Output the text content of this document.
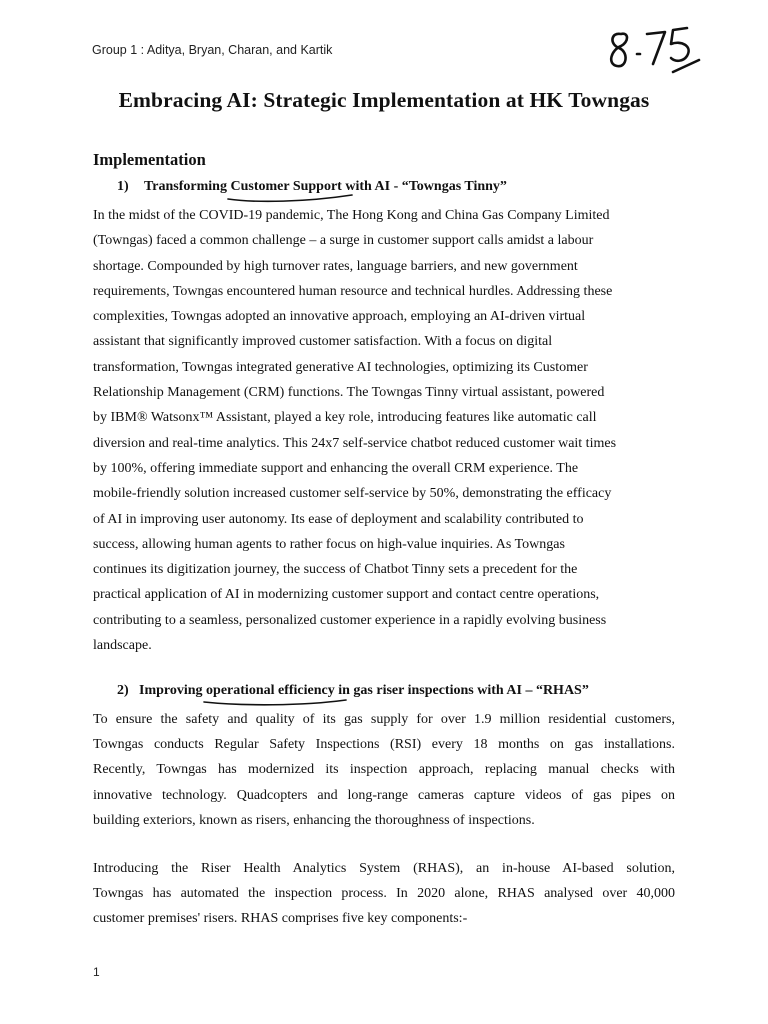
Group 1 : Aditya, Bryan, Charan, and Kartik
Embracing AI: Strategic Implementation at HK Towngas
Implementation
1) Transforming Customer Support
with AI - “Towngas Tinny”
In the midst of the COVID-19 pandemic, The Hong Kong and China Gas Company Limited
(Towngas) faced a common challenge – a surge in customer support calls amidst a labour
shortage. Compounded by high turnover rates, language barriers, and new government
requirements, Towngas encountered human resource and technical hurdles. Addressing these
complexities, Towngas adopted an innovative approach, employing an AI-driven virtual
assistant that significantly improved customer satisfaction. With a focus on digital
transformation, Towngas integrated generative AI technologies, optimizing its Customer
Relationship Management (CRM) functions. The Towngas Tinny virtual assistant, powered
by IBM® Watsonx™ Assistant, played a key role, introducing features like automatic call
diversion and real-time analytics. This 24x7 self-service chatbot reduced customer wait times
by 100%, offering immediate support and enhancing the overall CRM experience. The
mobile-friendly solution increased customer self-service by 50%, demonstrating the efficacy
of AI in improving user autonomy. Its ease of deployment and scalability contributed to
success, allowing human agents to rather focus on high-value inquiries. As Towngas
continues its digitization journey, the success of Chatbot Tinny sets a precedent for the
practical application of AI in modernizing customer support and contact centre operations,
contributing to a seamless, personalized customer experience in a rapidly evolving business
landscape.
2) Improving operational efficiency
in gas riser inspections with AI – “RHAS”
To ensure the safety and quality of its gas supply for over 1.9 million residential customers,
Towngas conducts Regular Safety Inspections (RSI) every 18 months on gas installations.
Recently, Towngas has modernized its inspection approach, replacing manual checks with
innovative technology. Quadcopters and long-range cameras capture videos of gas pipes on
building exteriors, known as risers, enhancing the thoroughness of inspections.
Introducing the Riser Health Analytics System (RHAS), an in-house AI-based solution,
Towngas has automated the inspection process. In 2020 alone, RHAS analysed over 40,000
customer premises' risers. RHAS comprises five key components:-
1
